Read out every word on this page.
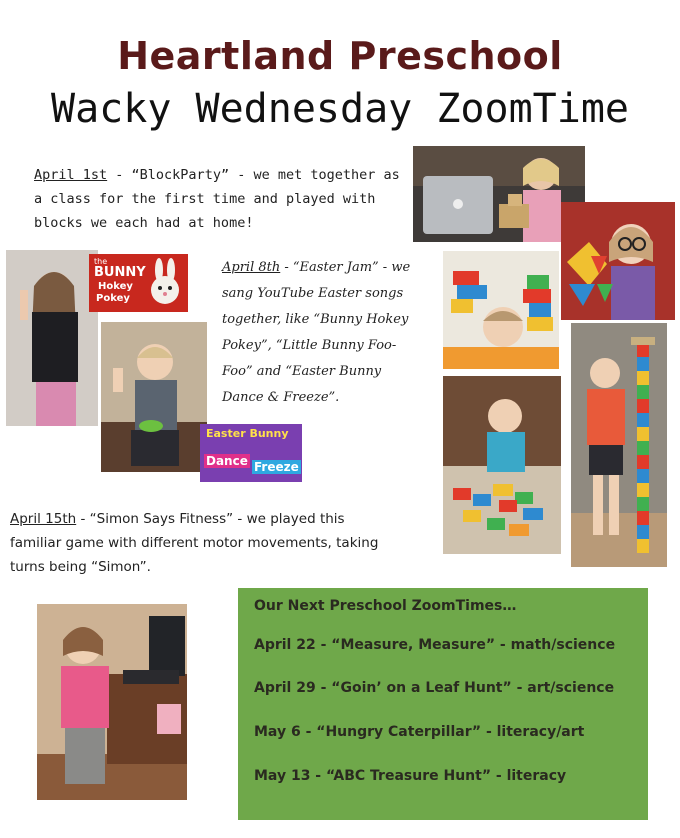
Heartland Preschool
Wacky Wednesday ZoomTime
April 1st - “BlockParty” - we met together as
a class for the first time and played with
blocks we each had at home!
the
BUNNY
Hokey
Pokey
Easter Bunny
Dance Freeze
April 8th - “Easter Jam” - we
sang YouTube Easter songs
together, like “Bunny Hokey
Pokey”, “Little Bunny Foo-
Foo” and “Easter Bunny
Dance & Freeze”.
April 15th - “Simon Says Fitness” - we played this
familiar game with different motor movements, taking
turns being “Simon”.
Our Next Preschool ZoomTimes…
April 22 - “Measure, Measure” - math/science
April 29 - “Goin’ on a Leaf Hunt” - art/science
May 6 - “Hungry Caterpillar” - literacy/art
May 13 - “ABC Treasure Hunt” - literacy
